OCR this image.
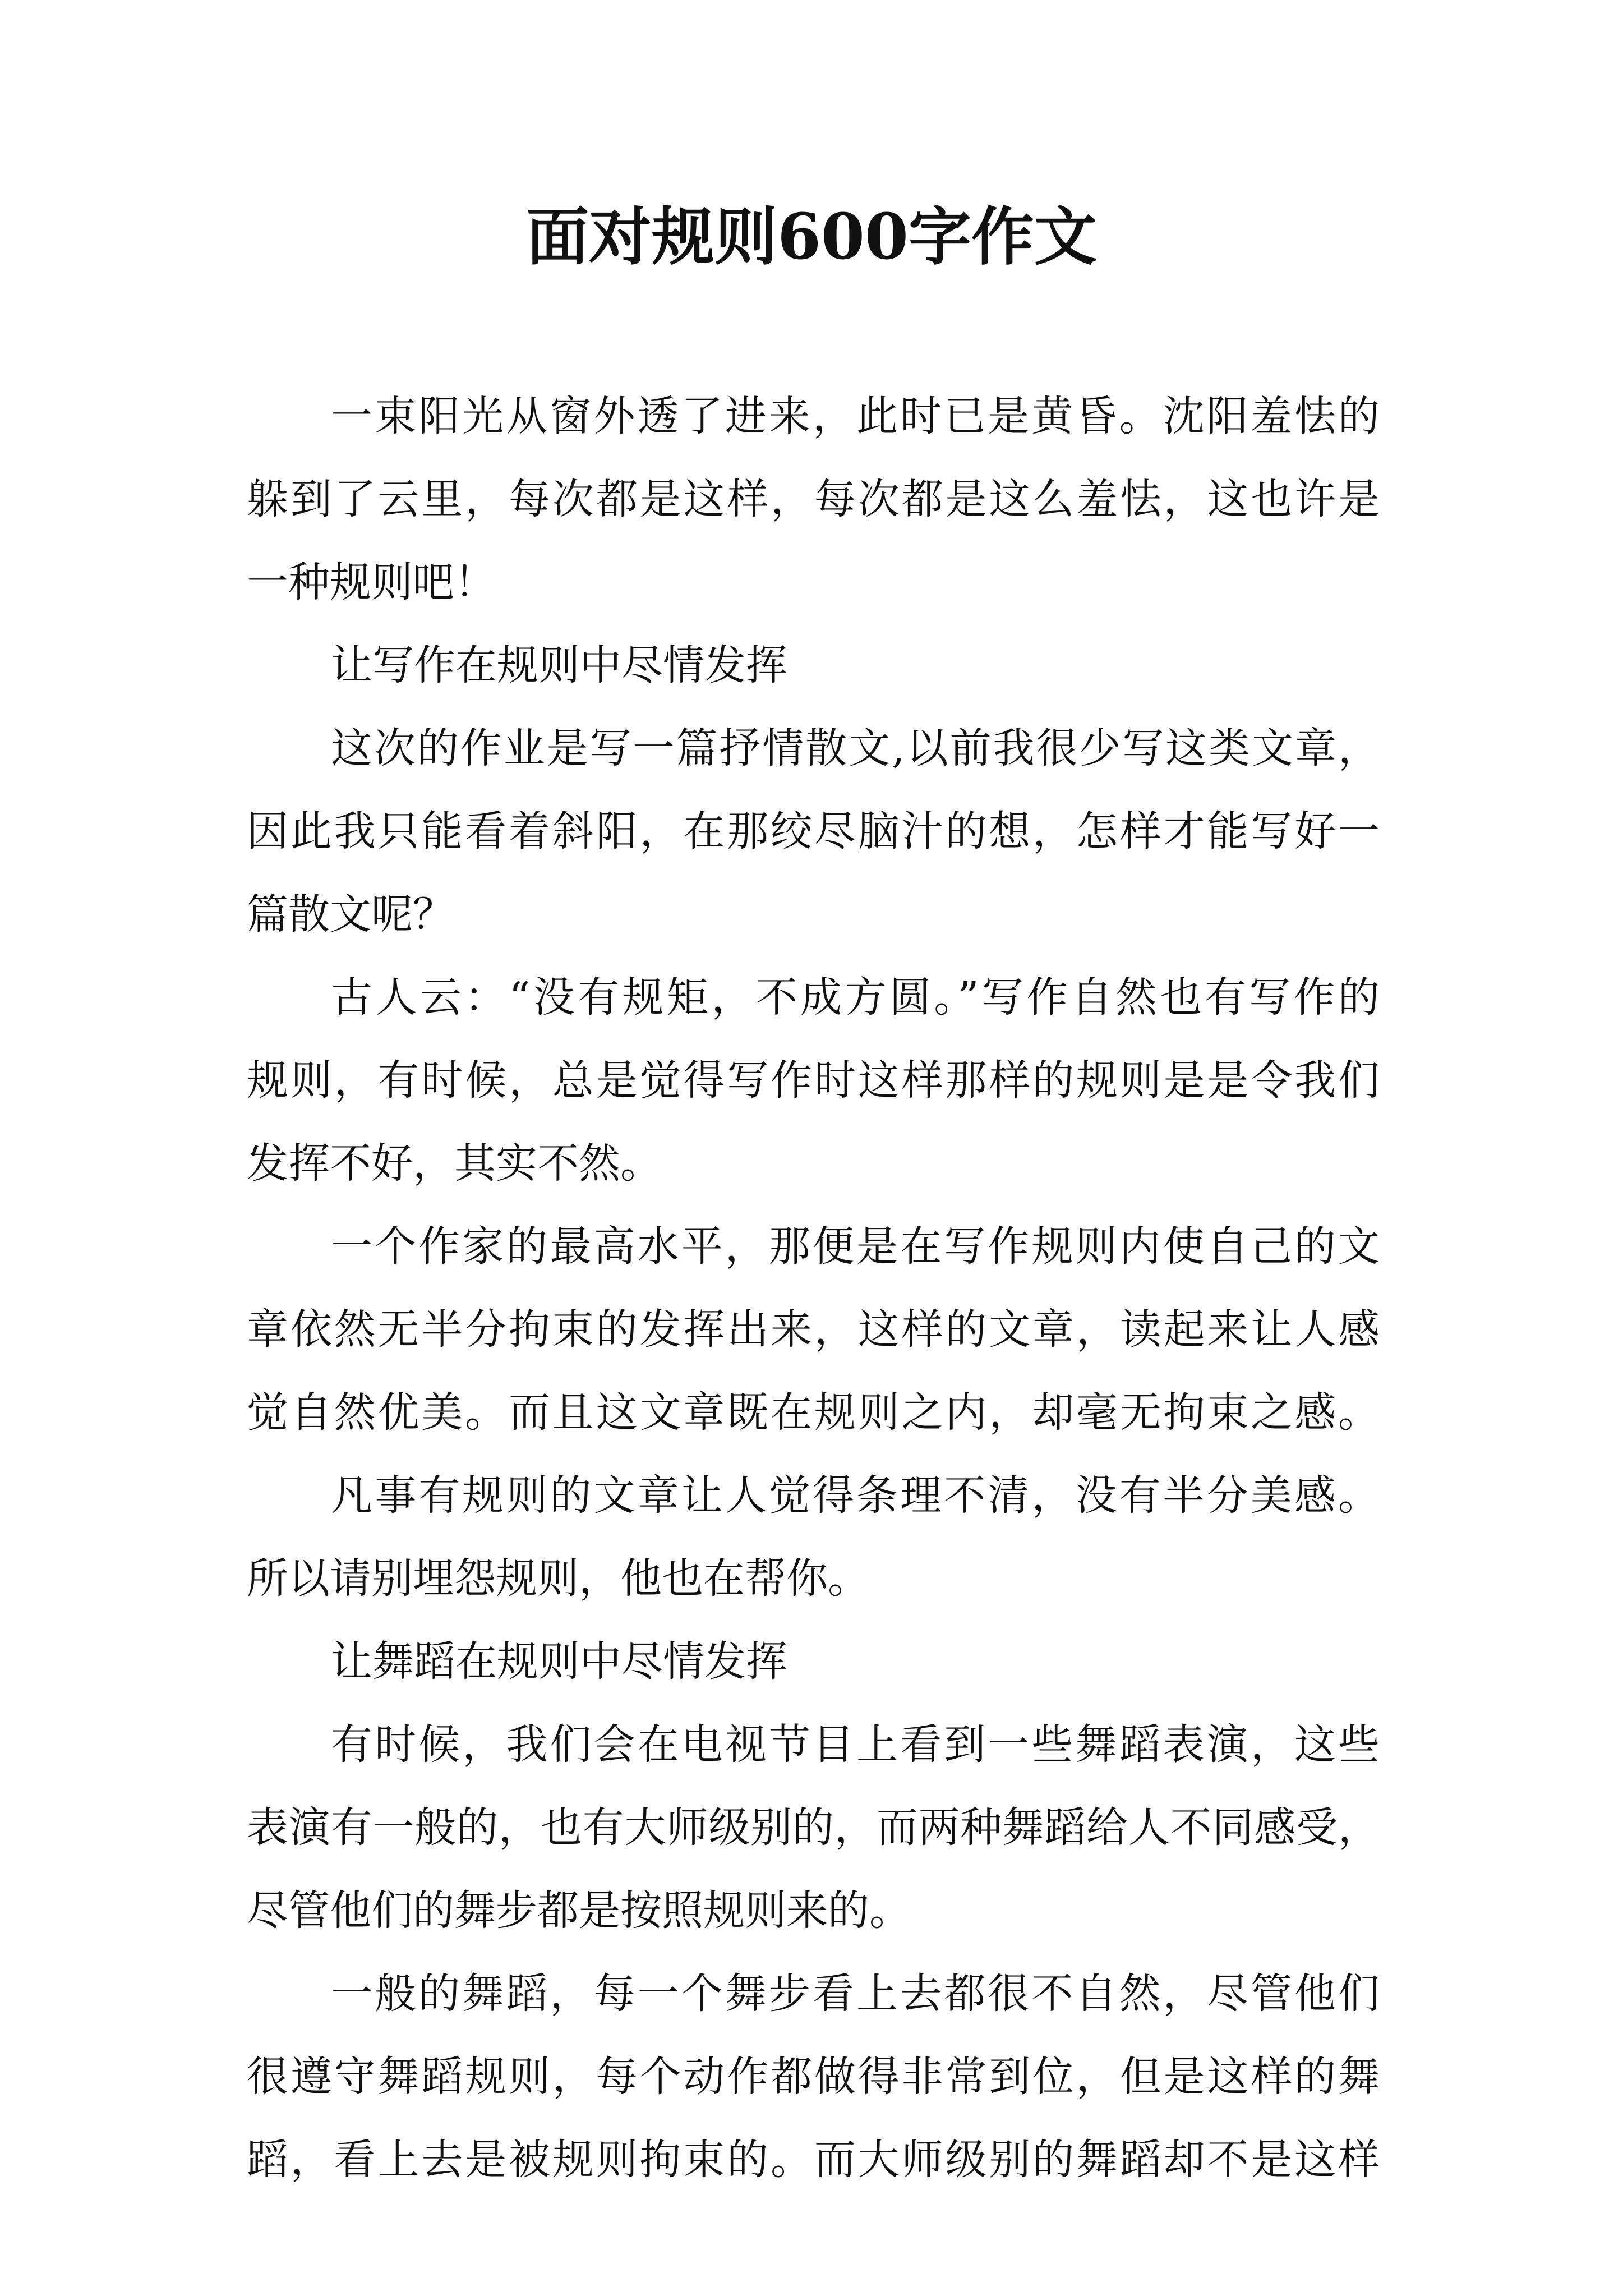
面对规则600字作文
一束阳光从窗外透了进来，此时已是黄昏。沈阳羞怯的
躲到了云里，每次都是这样，每次都是这么羞怯，这也许是
一种规则吧！
让写作在规则中尽情发挥
这次的作业是写一篇抒情散文,以前我很少写这类文章，
因此我只能看着斜阳，在那绞尽脑汁的想，怎样才能写好一
篇散文呢？
古人云：“没有规矩，不成方圆。”写作自然也有写作的
规则，有时候，总是觉得写作时这样那样的规则是是令我们
发挥不好，其实不然。
一个作家的最高水平，那便是在写作规则内使自己的文
章依然无半分拘束的发挥出来，这样的文章，读起来让人感
觉自然优美。而且这文章既在规则之内，却毫无拘束之感。
凡事有规则的文章让人觉得条理不清，没有半分美感。
所以请别埋怨规则，他也在帮你。
让舞蹈在规则中尽情发挥
有时候，我们会在电视节目上看到一些舞蹈表演，这些
表演有一般的，也有大师级别的，而两种舞蹈给人不同感受，
尽管他们的舞步都是按照规则来的。
一般的舞蹈，每一个舞步看上去都很不自然，尽管他们
很遵守舞蹈规则，每个动作都做得非常到位，但是这样的舞
蹈，看上去是被规则拘束的。而大师级别的舞蹈却不是这样
